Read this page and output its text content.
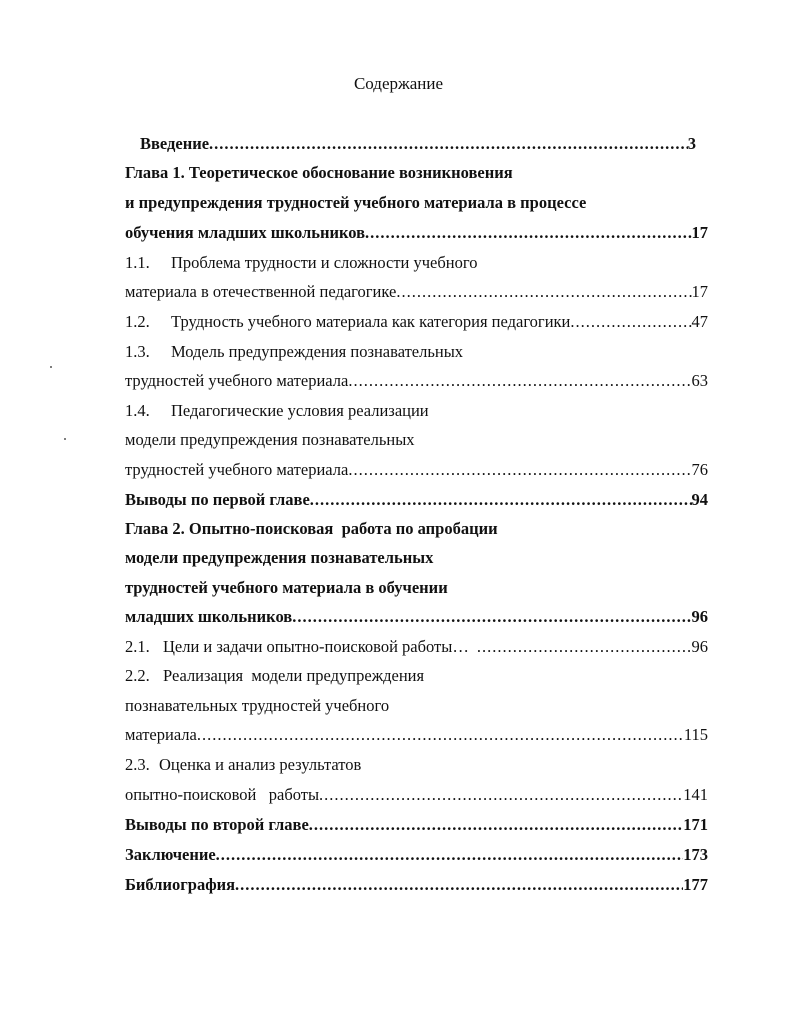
Содержание
Введение .....	3
Глава 1. Теоретическое обоснование возникновения
и предупреждения трудностей учебного материала в процессе
обучения младших школьников .....	17
1.1.	Проблема трудности и сложности учебного
материала в отечественной педагогике .....	17
1.2.	Трудность учебного материала как категория педагогики .....	47
1.3.	Модель предупреждения познавательных
трудностей учебного материала .....	63
1.4.	Педагогические условия реализации
модели предупреждения познавательных
трудностей учебного материала .....	76
Выводы по первой главе .....	94
Глава 2. Опытно-поисковая  работа по апробации
модели предупреждения познавательных
трудностей учебного материала в обучении
младших школьников .....	96
2.1. Цели и задачи опытно-поисковой работы… .....	96
2.2. Реализация  модели предупреждения
познавательных трудностей учебного
материала .....	115
2.3. Оценка и анализ результатов
опытно-поисковой   работы .....	141
Выводы по второй главе .....	171
Заключение .....	173
Библиография .....	177
